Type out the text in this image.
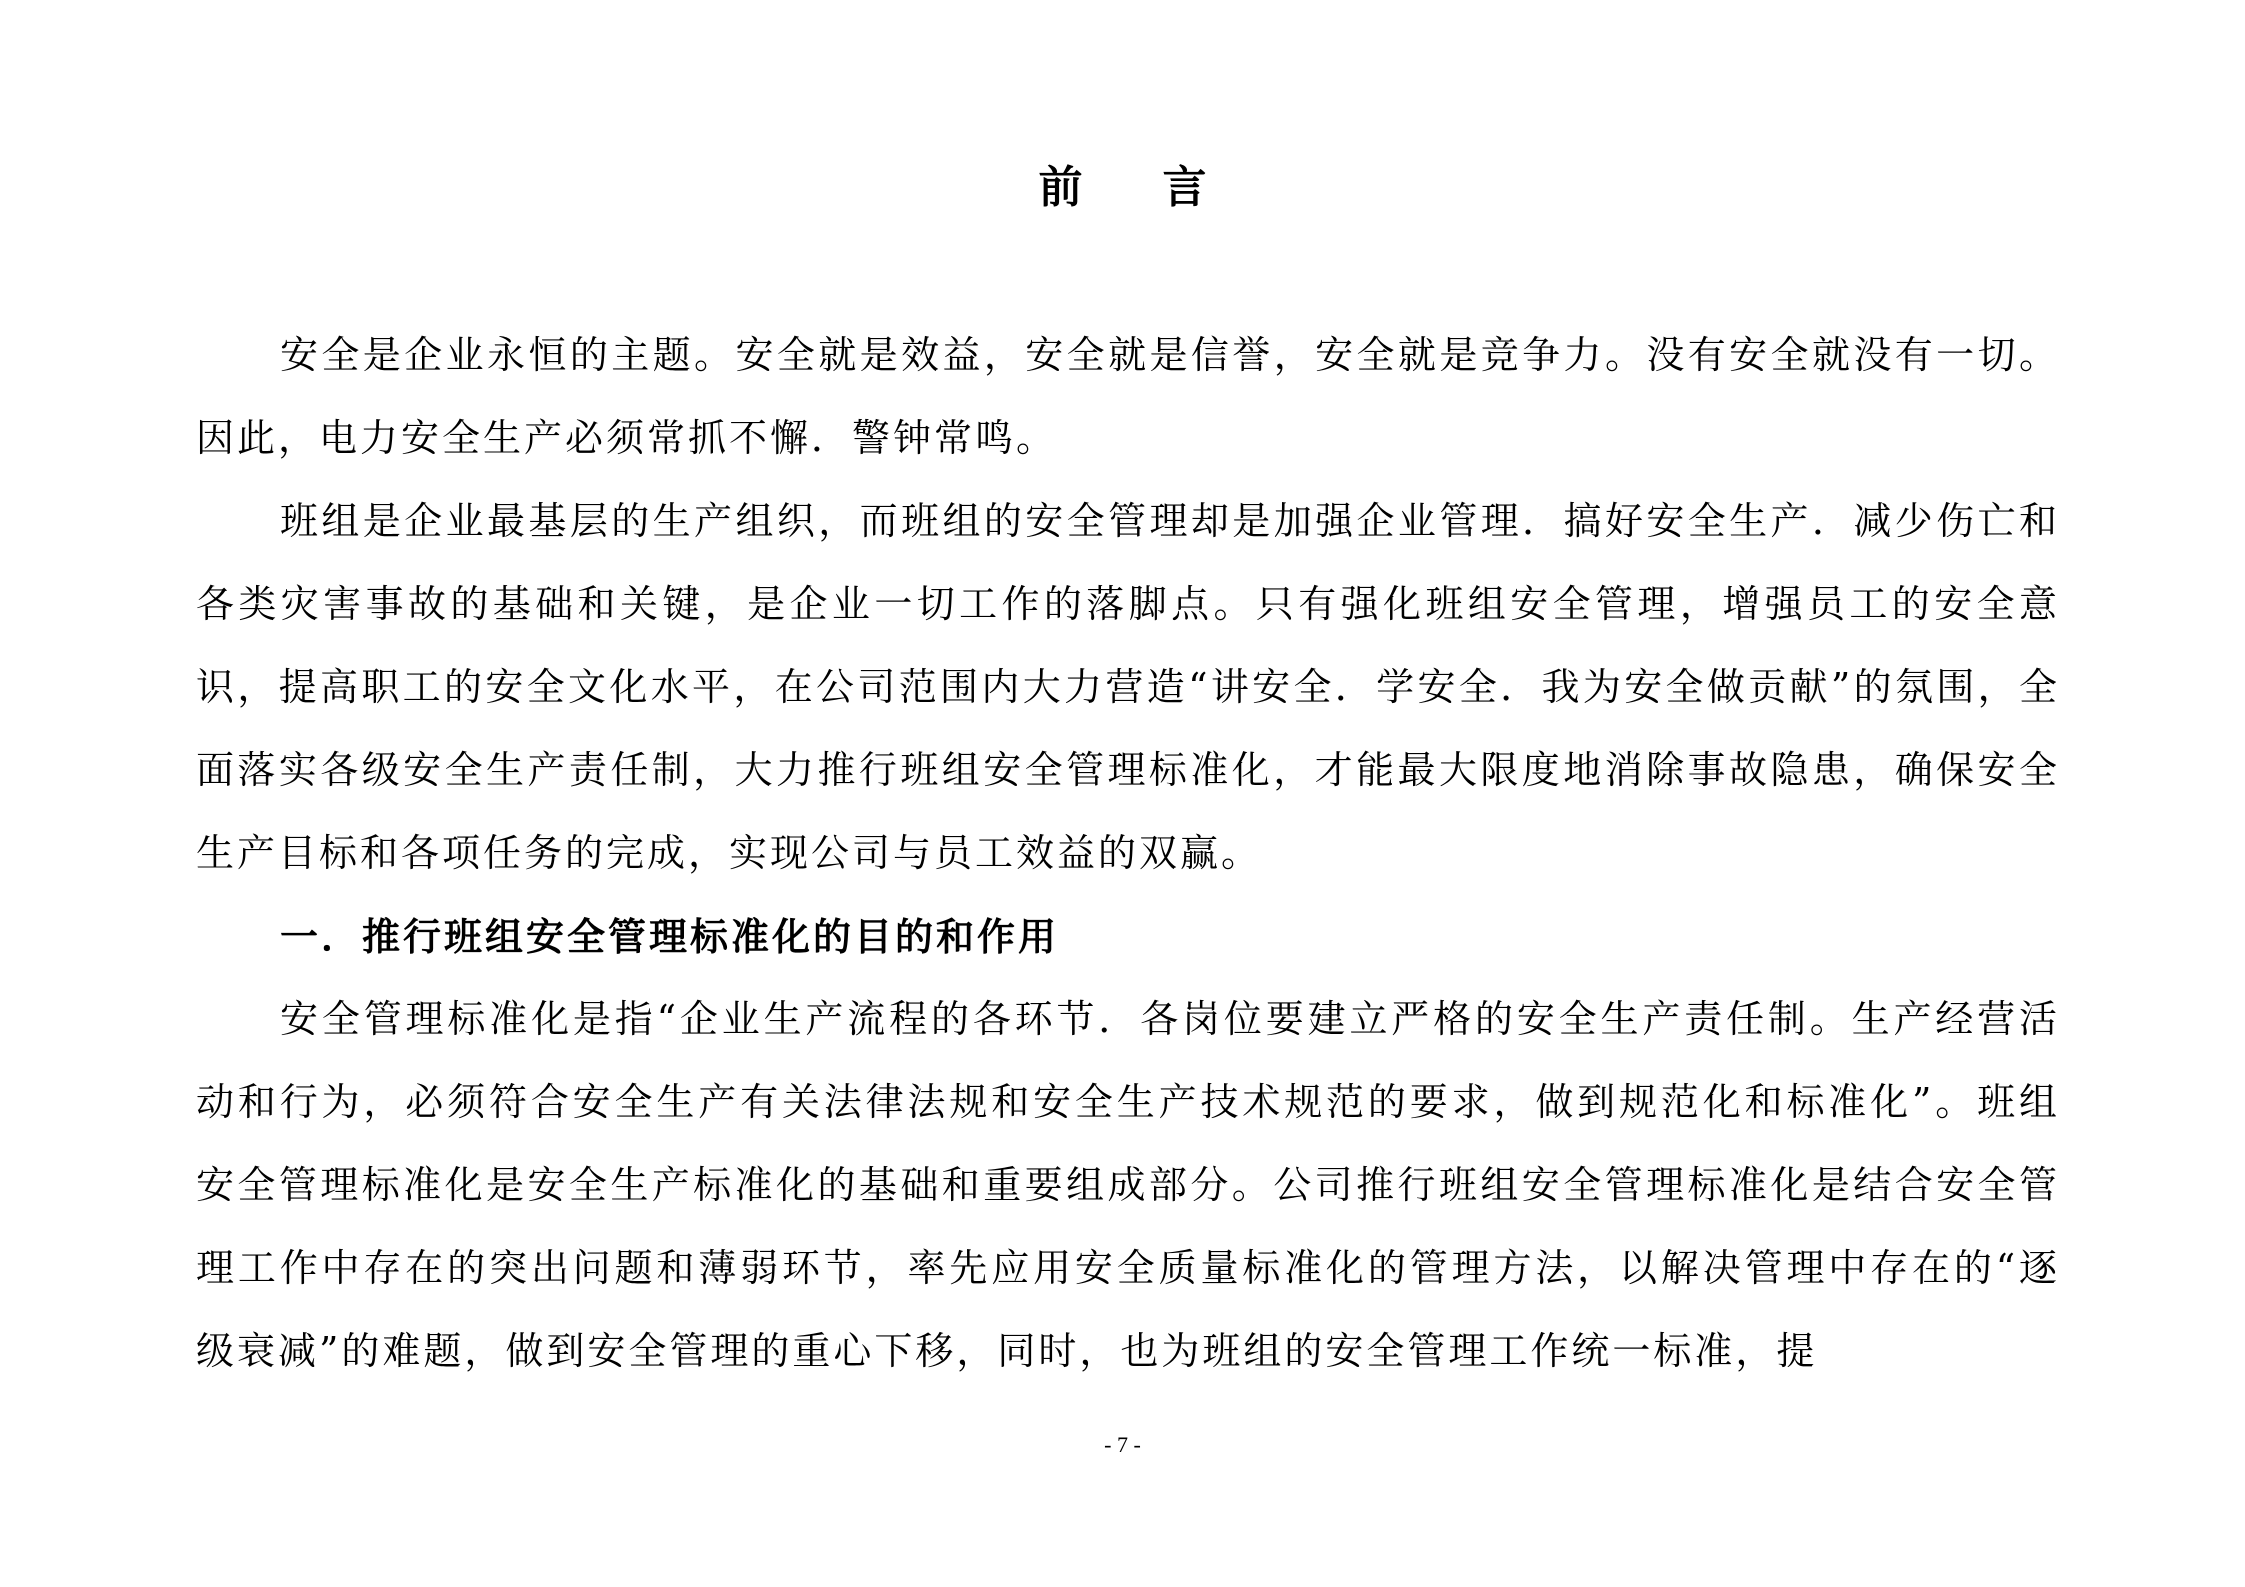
前 言

安全是企业永恒的主题。安全就是效益，安全就是信誉，安全就是竞争力。没有安全就没有一切。因此，电力安全生产必须常抓不懈．警钟常鸣。

班组是企业最基层的生产组织，而班组的安全管理却是加强企业管理．搞好安全生产．减少伤亡和各类灾害事故的基础和关键，是企业一切工作的落脚点。只有强化班组安全管理，增强员工的安全意识，提高职工的安全文化水平，在公司范围内大力营造“讲安全．学安全．我为安全做贡献”的氛围，全面落实各级安全生产责任制，大力推行班组安全管理标准化，才能最大限度地消除事故隐患，确保安全生产目标和各项任务的完成，实现公司与员工效益的双赢。

一．推行班组安全管理标准化的目的和作用

安全管理标准化是指“企业生产流程的各环节．各岗位要建立严格的安全生产责任制。生产经营活动和行为，必须符合安全生产有关法律法规和安全生产技术规范的要求，做到规范化和标准化”。班组安全管理标准化是安全生产标准化的基础和重要组成部分。公司推行班组安全管理标准化是结合安全管理工作中存在的突出问题和薄弱环节，率先应用安全质量标准化的管理方法，以解决管理中存在的“逐级衰减”的难题，做到安全管理的重心下移，同时，也为班组的安全管理工作统一标准，提

- 7 -
